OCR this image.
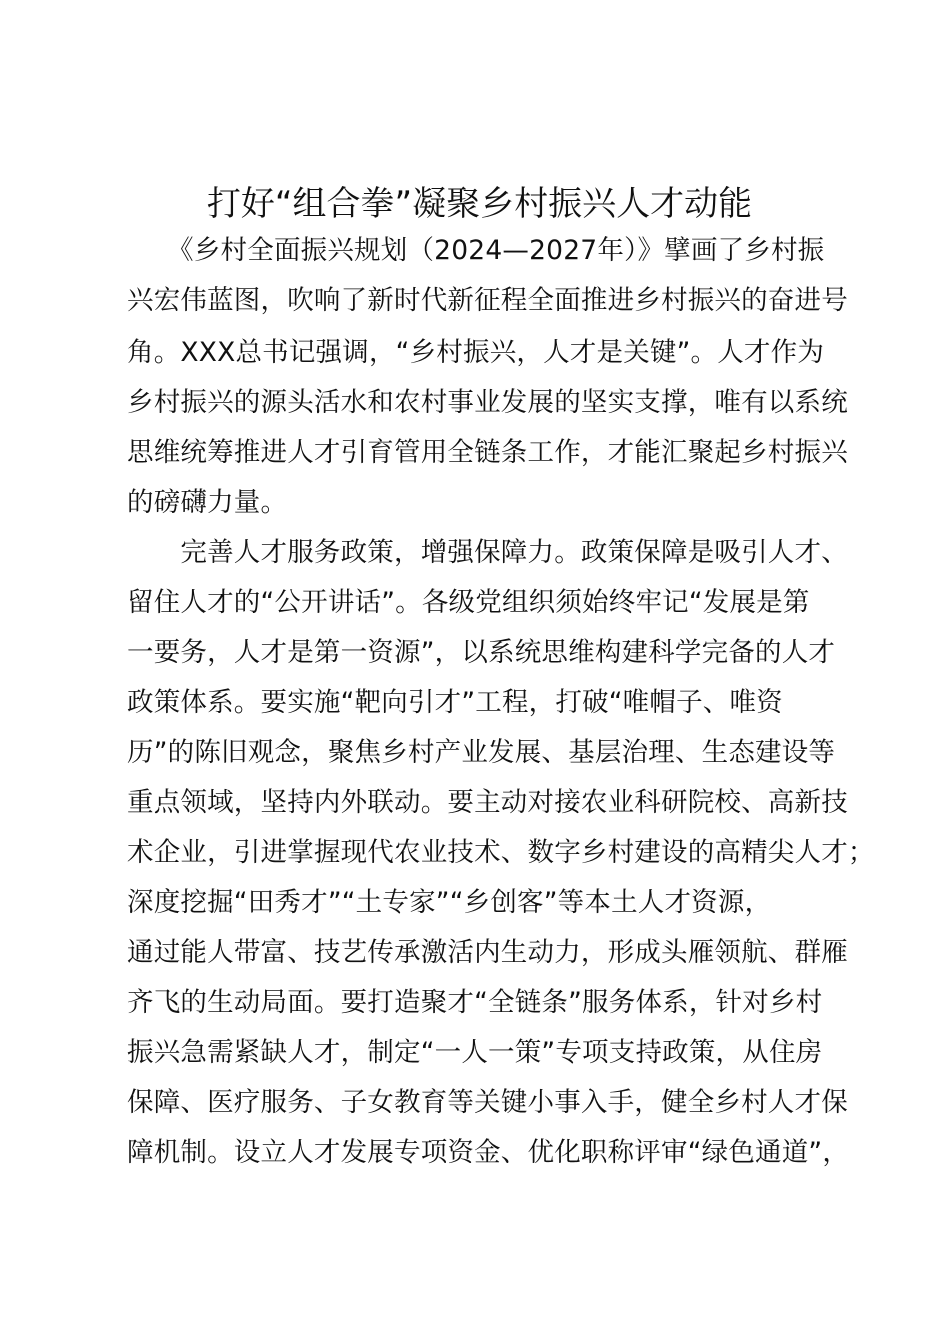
打好“组合拳”凝聚乡村振兴人才动能

　　《乡村全面振兴规划（2024—2027年）》擘画了乡村振

兴宏伟蓝图，吹响了新时代新征程全面推进乡村振兴的奋进号

角。XXX总书记强调，“乡村振兴，人才是关键”。人才作为

乡村振兴的源头活水和农村事业发展的坚实支撑，唯有以系统

思维统筹推进人才引育管用全链条工作，才能汇聚起乡村振兴

的磅礴力量。

　　完善人才服务政策，增强保障力。政策保障是吸引人才、

留住人才的“公开讲话”。各级党组织须始终牢记“发展是第

一要务，人才是第一资源”，以系统思维构建科学完备的人才

政策体系。要实施“靶向引才”工程，打破“唯帽子、唯资

历”的陈旧观念，聚焦乡村产业发展、基层治理、生态建设等

重点领域，坚持内外联动。要主动对接农业科研院校、高新技

术企业，引进掌握现代农业技术、数字乡村建设的高精尖人才；

深度挖掘“田秀才”“土专家”“乡创客”等本土人才资源，

通过能人带富、技艺传承激活内生动力，形成头雁领航、群雁

齐飞的生动局面。要打造聚才“全链条”服务体系，针对乡村

振兴急需紧缺人才，制定“一人一策”专项支持政策，从住房

保障、医疗服务、子女教育等关键小事入手，健全乡村人才保

障机制。设立人才发展专项资金、优化职称评审“绿色通道”，
